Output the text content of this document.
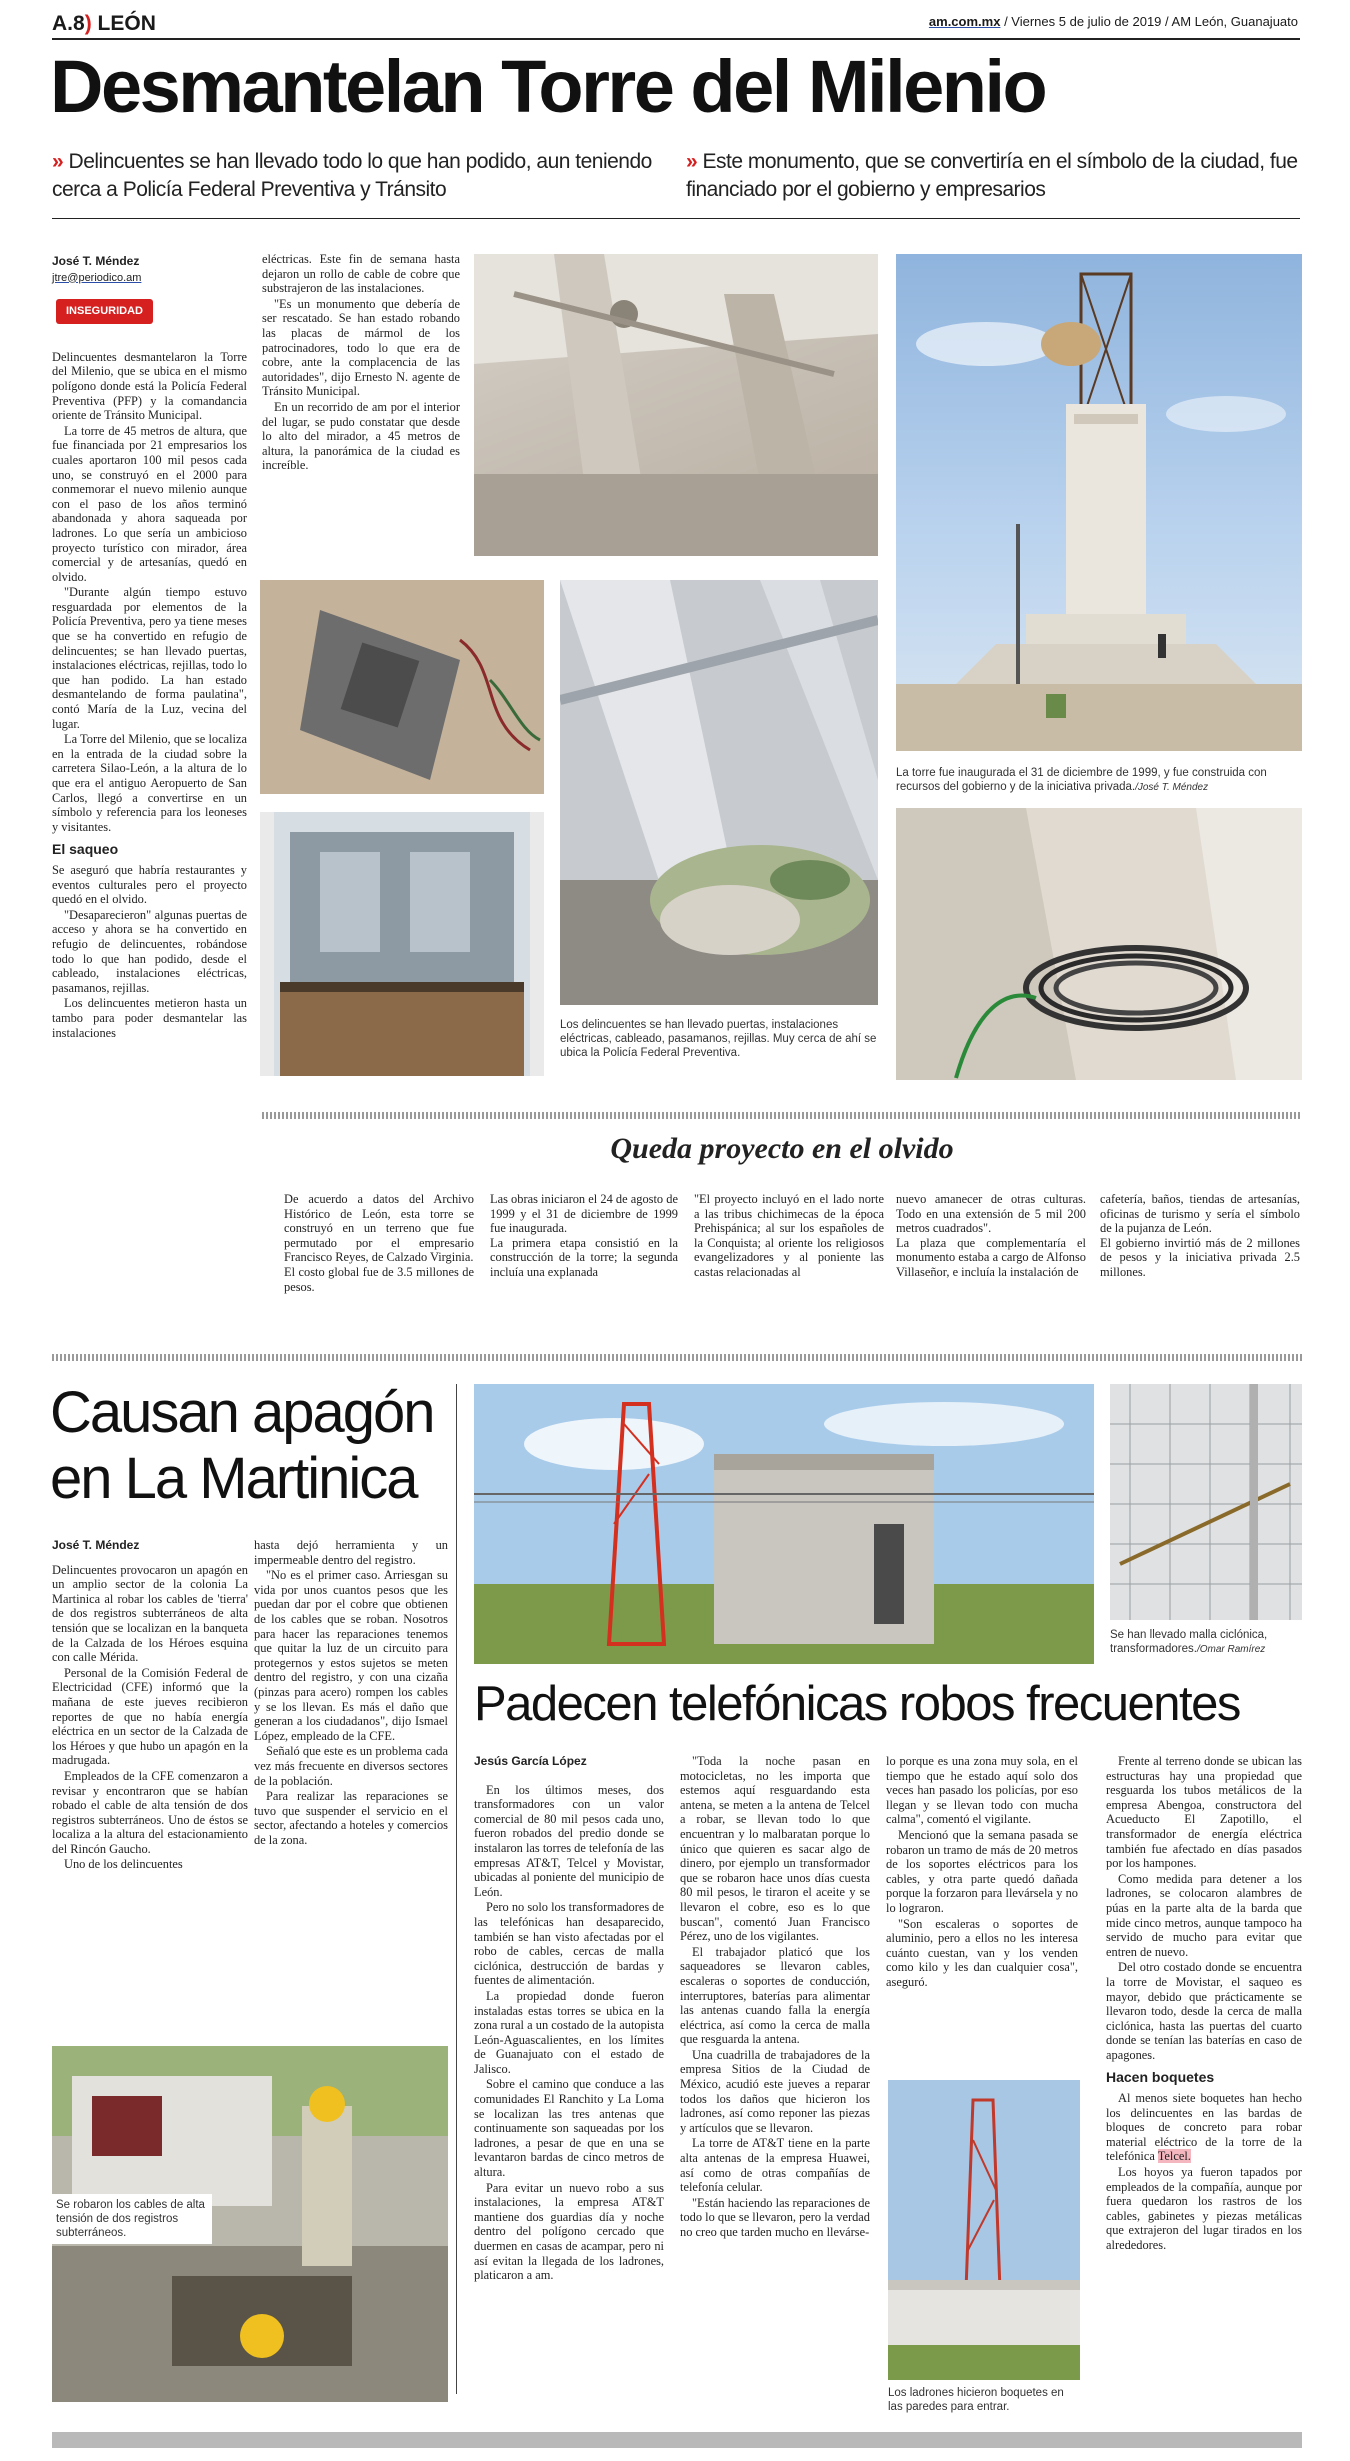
A.8) LEÓN	am.com.mx / Viernes 5 de julio de 2019 / AM León, Guanajuato
Desmantelan Torre del Milenio
» Delincuentes se han llevado todo lo que han podido, aun teniendo cerca a Policía Federal Preventiva y Tránsito
» Este monumento, que se convertiría en el símbolo de la ciudad, fue financiado por el gobierno y empresarios
José T. Méndez
jtre@periodico.am
INSEGURIDAD

Delincuentes desmantelaron la Torre del Milenio, que se ubica en el mismo polígono donde está la Policía Federal Preventiva (PFP) y la comandancia oriente de Tránsito Municipal.

La torre de 45 metros de altura, que fue financiada por 21 empresarios los cuales aportaron 100 mil pesos cada uno, se construyó en el 2000 para conmemorar el nuevo milenio aunque con el paso de los años terminó abandonada y ahora saqueada por ladrones. Lo que sería un ambicioso proyecto turístico con mirador, área comercial y de artesanías, quedó en olvido.

"Durante algún tiempo estuvo resguardada por elementos de la Policía Preventiva, pero ya tiene meses que se ha convertido en refugio de delincuentes; se han llevado puertas, instalaciones eléctricas, rejillas, todo lo que han podido. La han estado desmantelando de forma paulatina", contó María de la Luz, vecina del lugar.

La Torre del Milenio, que se localiza en la entrada de la ciudad sobre la carretera Silao-León, a la altura de lo que era el antiguo Aeropuerto de San Carlos, llegó a convertirse en un símbolo y referencia para los leoneses y visitantes.

El saqueo

Se aseguró que habría restaurantes y eventos culturales pero el proyecto quedó en el olvido.

"Desaparecieron" algunas puertas de acceso y ahora se ha convertido en refugio de delincuentes, robándose todo lo que han podido, desde el cableado, instalaciones eléctricas, pasamanos, rejillas.

Los delincuentes metieron hasta un tambo para poder desmantelar las instalaciones

eléctricas. Este fin de semana hasta dejaron un rollo de cable de cobre que substrajeron de las instalaciones.

"Es un monumento que debería de ser rescatado. Se han estado robando las placas de mármol de los patrocinadores, todo lo que era de cobre, ante la complacencia de las autoridades", dijo Ernesto N. agente de Tránsito Municipal.

En un recorrido de am por el interior del lugar, se pudo constatar que desde lo alto del mirador, a 45 metros de altura, la panorámica de la ciudad es increíble.

La torre fue inaugurada el 31 de diciembre de 1999, y fue construida con recursos del gobierno y de la iniciativa privada./José T. Méndez
Los delincuentes se han llevado puertas, instalaciones eléctricas, cableado, pasamanos, rejillas. Muy cerca de ahí se ubica la Policía Federal Preventiva.
Queda proyecto en el olvido
De acuerdo a datos del Archivo Histórico de León, esta torre se construyó en un terreno que fue permutado por el empresario Francisco Reyes, de Calzado Virginia.
El costo global fue de 3.5 millones de pesos.
Las obras iniciaron el 24 de agosto de 1999 y el 31 de diciembre de 1999 fue inaugurada.
La primera etapa consistió en la construcción de la torre; la segunda incluía una explanada
"El proyecto incluyó en el lado norte a las tribus chichimecas de la época Prehispánica; al sur los españoles de la Conquista; al oriente los religiosos evangelizadores y al poniente las castas relacionadas al
nuevo amanecer de otras culturas. Todo en una extensión de 5 mil 200 metros cuadrados".
La plaza que complementaría el monumento estaba a cargo de Alfonso Villaseñor, e incluía la instalación de
cafetería, baños, tiendas de artesanías, oficinas de turismo y sería el símbolo de la pujanza de León.
El gobierno invirtió más de 2 millones de pesos y la iniciativa privada 2.5 millones.
Causan apagón
en La Martinica
José T. Méndez

Delincuentes provocaron un apagón en un amplio sector de la colonia La Martinica al robar los cables de 'tierra' de dos registros subterráneos de alta tensión que se localizan en la banqueta de la Calzada de los Héroes esquina con calle Mérida.

Personal de la Comisión Federal de Electricidad (CFE) informó que la mañana de este jueves recibieron reportes de que no había energía eléctrica en un sector de la Calzada de los Héroes y que hubo un apagón en la madrugada.

Empleados de la CFE comenzaron a revisar y encontraron que se habían robado el cable de alta tensión de dos registros subterráneos. Uno de éstos se localiza a la altura del estacionamiento del Rincón Gaucho.

Uno de los delincuentes

hasta dejó herramienta y un impermeable dentro del registro.

"No es el primer caso. Arriesgan su vida por unos cuantos pesos que les puedan dar por el cobre que obtienen de los cables que se roban. Nosotros para hacer las reparaciones tenemos que quitar la luz de un circuito para protegernos y estos sujetos se meten dentro del registro, y con una cizaña (pinzas para acero) rompen los cables y se los llevan. Es más el daño que generan a los ciudadanos", dijo Ismael López, empleado de la CFE.

Señaló que este es un problema cada vez más frecuente en diversos sectores de la población.

Para realizar las reparaciones se tuvo que suspender el servicio en el sector, afectando a hoteles y comercios de la zona.

Se robaron los cables de alta tensión de dos registros subterráneos.
Se han llevado malla ciclónica, transformadores./Omar Ramírez
Padecen telefónicas robos frecuentes
Jesús García López

En los últimos meses, dos transformadores con un valor comercial de 80 mil pesos cada uno, fueron robados del predio donde se instalaron las torres de telefonía de las empresas AT&T, Telcel y Movistar, ubicadas al poniente del municipio de León.

Pero no solo los transformadores de las telefónicas han desaparecido, también se han visto afectadas por el robo de cables, cercas de malla ciclónica, destrucción de bardas y fuentes de alimentación.

La propiedad donde fueron instaladas estas torres se ubica en la zona rural a un costado de la autopista León-Aguascalientes, en los límites de Guanajuato con el estado de Jalisco.

Sobre el camino que conduce a las comunidades El Ranchito y La Loma se localizan las tres antenas que continuamente son saqueadas por los ladrones, a pesar de que en una se levantaron bardas de cinco metros de altura.

Para evitar un nuevo robo a sus instalaciones, la empresa AT&T mantiene dos guardias día y noche dentro del polígono cercado que duermen en casas de acampar, pero ni así evitan la llegada de los ladrones, platicaron a am.

"Toda la noche pasan en motocicletas, no les importa que estemos aquí resguardando esta antena, se meten a la antena de Telcel a robar, se llevan todo lo que encuentran y lo malbaratan porque lo único que quieren es sacar algo de dinero, por ejemplo un transformador que se robaron hace unos días cuesta 80 mil pesos, le tiraron el aceite y se llevaron el cobre, eso es lo que buscan", comentó Juan Francisco Pérez, uno de los vigilantes.

El trabajador platicó que los saqueadores se llevaron cables, escaleras o soportes de conducción, interruptores, baterías para alimentar las antenas cuando falla la energía eléctrica, así como la cerca de malla que resguarda la antena.

Una cuadrilla de trabajadores de la empresa Sitios de la Ciudad de México, acudió este jueves a reparar todos los daños que hicieron los ladrones, así como reponer las piezas y artículos que se llevaron.

La torre de AT&T tiene en la parte alta antenas de la empresa Huawei, así como de otras compañías de telefonía celular.

"Están haciendo las reparaciones de todo lo que se llevaron, pero la verdad no creo que tarden mucho en llevárse-

lo porque es una zona muy sola, en el tiempo que he estado aquí solo dos veces han pasado los policías, por eso llegan y se llevan todo con mucha calma", comentó el vigilante.

Mencionó que la semana pasada se robaron un tramo de más de 20 metros de los soportes eléctricos para los cables, y otra parte quedó dañada porque la forzaron para llevársela y no lo lograron.

"Son escaleras o soportes de aluminio, pero a ellos no les interesa cuánto cuestan, van y los venden como kilo y les dan cualquier cosa", aseguró.

Los ladrones hicieron boquetes en las paredes para entrar.

Frente al terreno donde se ubican las estructuras hay una propiedad que resguarda los tubos metálicos de la empresa Abengoa, constructora del Acueducto El Zapotillo, el transformador de energía eléctrica también fue afectado en días pasados por los hampones.

Como medida para detener a los ladrones, se colocaron alambres de púas en la parte alta de la barda que mide cinco metros, aunque tampoco ha servido de mucho para evitar que entren de nuevo.

Del otro costado donde se encuentra la torre de Movistar, el saqueo es mayor, debido que prácticamente se llevaron todo, desde la cerca de malla ciclónica, hasta las puertas del cuarto donde se tenían las baterías en caso de apagones.

Hacen boquetes

Al menos siete boquetes han hecho los delincuentes en las bardas de bloques de concreto para robar material eléctrico de la torre de la telefónica Telcel.

Los hoyos ya fueron tapados por empleados de la compañía, aunque por fuera quedaron los rastros de los cables, gabinetes y piezas metálicas que extrajeron del lugar tirados en los alrededores.
